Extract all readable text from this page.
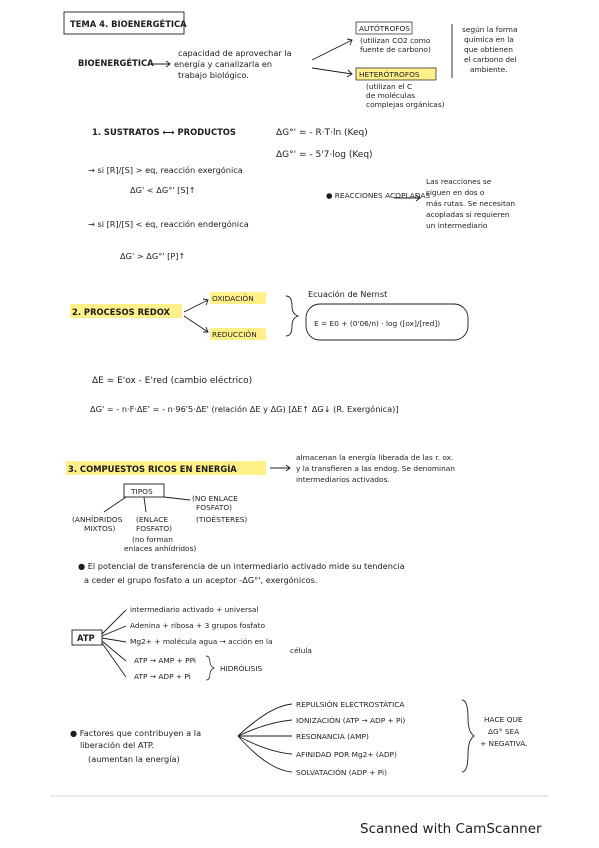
TEMA 4. BIOENERGÉTICA
BIOENERGÉTICA
capacidad de aprovechar la
energía y canalizarla en
trabajo biológico.
AUTÓTROFOS
(utilizan CO2 como
fuente de carbono)
HETERÓTROFOS
(utilizan el C
de moléculas
complejas orgánicas)
según la forma
química en la
que obtienen
el carbono del
ambiente.
1. SUSTRATOS ⟷ PRODUCTOS	ΔG°' = - R·T·ln (Keq)
ΔG°' = - 5'7·log (Keq)
→ si [R]/[S] > eq, reacción exergónica
ΔG' < ΔG°' [S]↑
→ si [R]/[S] < eq, reacción endergónica
ΔG' > ΔG°' [P]↑
● REACCIONES ACOPLADAS
Las reacciones se
siguen en dos o
más rutas. Se necesitan
acopladas si requieren
un intermediario
2. PROCESOS REDOX
OXIDACIÓN
REDUCCIÓN
Ecuación de Nernst
E = E0 + (0'06/n) · log ([ox]/[red])
ΔE = E'ox - E'red (cambio eléctrico)
ΔG' = - n·F·ΔE' = - n·96'5·ΔE' (relación ΔE y ΔG) [ΔE↑ ΔG↓ (R. Exergónica)]
3. COMPUESTOS RICOS EN ENERGÍA
almacenan la energía liberada de las r. ox.
y la transfieren a las endog. Se denominan
intermediarios activados.
TIPOS
(ANHÍDRIDOS
MIXTOS)
(ENLACE
FOSFATO)
(no forman
enlaces anhídridos)
(NO ENLACE
FOSFATO)
(TIOÉSTERES)
● El potencial de transferencia de un intermediario activado mide su tendencia
a ceder el grupo fosfato a un aceptor -ΔG°', exergónicos.
ATP
intermediario activado + universal
Adenina + ribosa + 3 grupos fosfato
Mg2+ + molécula agua → acción en la
célula
ATP → AMP + PPi
ATP → ADP + Pi
HIDRÓLISIS
● Factores que contribuyen a la
liberación del ATP.
(aumentan la energía)
REPULSIÓN ELECTROSTÁTICA
IONIZACIÓN (ATP → ADP + Pi)
RESONANCIA (AMP)
AFINIDAD POR Mg2+ (ADP)
SOLVATACIÓN (ADP + Pi)
HACE QUE
ΔG° SEA
+ NEGATIVA.
Scanned with CamScanner
